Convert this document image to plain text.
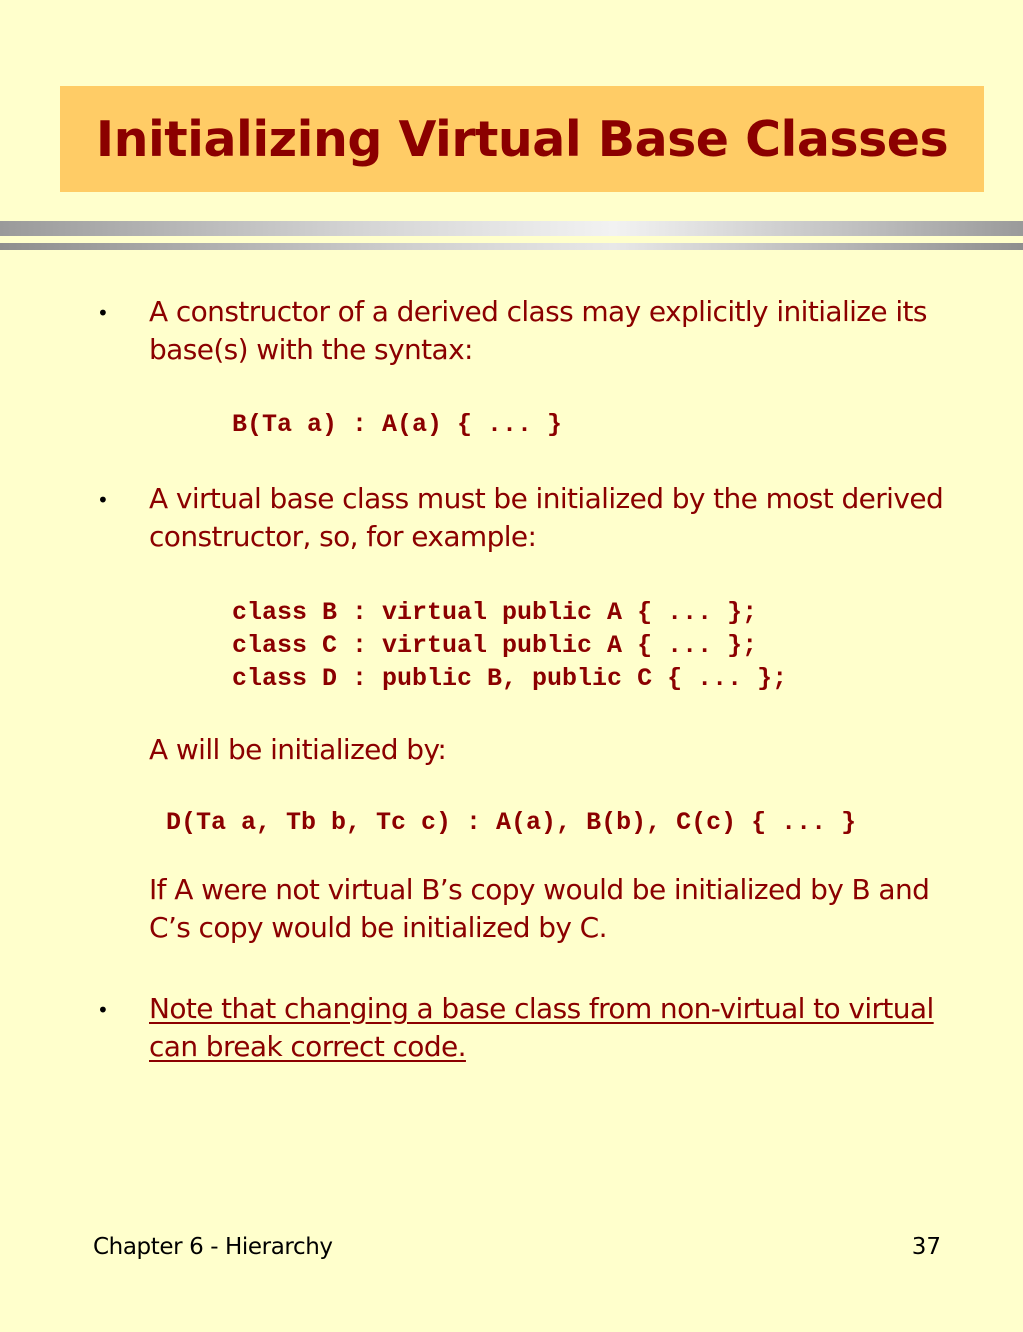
Initializing Virtual Base Classes
• A constructor of a derived class may explicitly initialize its
base(s) with the syntax:
B(Ta a) : A(a) { ... }
• A virtual base class must be initialized by the most derived
constructor, so, for example:
class B : virtual public A { ... };
class C : virtual public A { ... };
class D : public B, public C { ... };
A will be initialized by:
D(Ta a, Tb b, Tc c) : A(a), B(b), C(c) { ... }
If A were not virtual B’s copy would be initialized by B and
C’s copy would be initialized by C.
• Note that changing a base class from non-virtual to virtual
can break correct code.
Chapter 6 - Hierarchy	37
